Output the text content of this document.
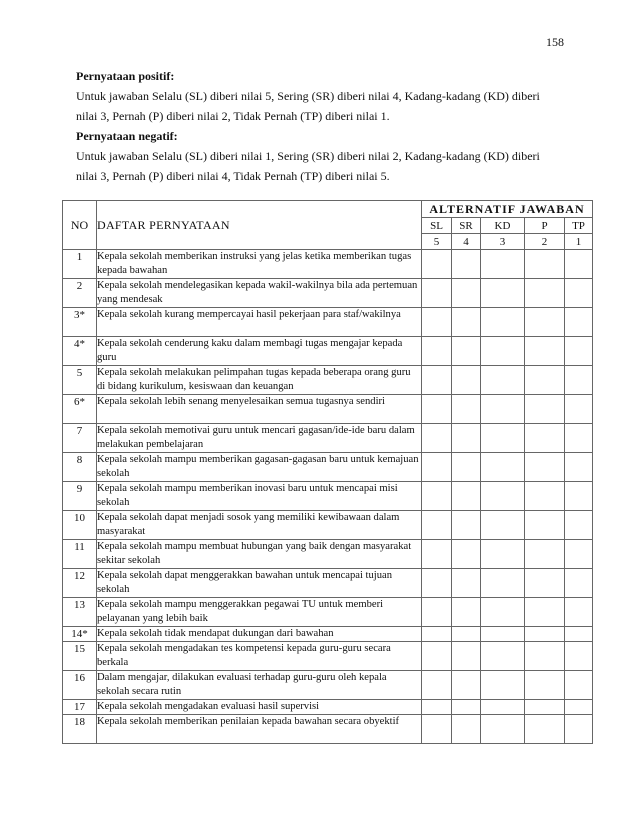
158

Pernyataan positif:

Untuk jawaban Selalu (SL) diberi nilai 5, Sering (SR) diberi nilai 4, Kadang-kadang (KD) diberi

nilai 3, Pernah (P) diberi nilai 2, Tidak Pernah (TP) diberi nilai 1.

Pernyataan negatif:

Untuk jawaban Selalu (SL) diberi nilai 1, Sering (SR) diberi nilai 2, Kadang-kadang (KD) diberi

nilai 3, Pernah (P) diberi nilai 4, Tidak Pernah (TP) diberi nilai 5.

NO	DAFTAR PERNYATAAN	ALTERNATIF JAWABAN				
		SL	SR	KD	P	TP
		5	4	3	2	1
1	Kepala sekolah memberikan instruksi yang jelas ketika memberikan tugas kepada bawahan					
2	Kepala sekolah mendelegasikan kepada wakil-wakilnya bila ada pertemuan yang mendesak					
3*	Kepala sekolah kurang mempercayai hasil pekerjaan para staf/wakilnya					
4*	Kepala sekolah cenderung kaku dalam membagi tugas mengajar kepada guru					
5	Kepala sekolah melakukan pelimpahan tugas kepada beberapa orang guru di bidang kurikulum, kesiswaan dan keuangan					
6*	Kepala sekolah lebih senang menyelesaikan semua tugasnya sendiri					
7	Kepala sekolah memotivai guru untuk mencari gagasan/ide-ide baru dalam melakukan pembelajaran					
8	Kepala sekolah mampu memberikan gagasan-gagasan baru untuk kemajuan sekolah					
9	Kepala sekolah mampu memberikan inovasi baru untuk mencapai misi sekolah					
10	Kepala sekolah dapat menjadi sosok yang memiliki kewibawaan dalam masyarakat					
11	Kepala sekolah mampu membuat hubungan yang baik dengan masyarakat sekitar sekolah					
12	Kepala sekolah dapat menggerakkan bawahan untuk mencapai tujuan sekolah					
13	Kepala sekolah mampu menggerakkan pegawai TU untuk memberi pelayanan yang lebih baik					
14*	Kepala sekolah tidak mendapat dukungan dari bawahan					
15	Kepala sekolah mengadakan tes kompetensi kepada guru-guru secara berkala					
16	Dalam mengajar, dilakukan evaluasi terhadap guru-guru oleh kepala sekolah secara rutin					
17	Kepala sekolah mengadakan evaluasi hasil supervisi					
18	Kepala sekolah memberikan penilaian kepada bawahan secara obyektif					
